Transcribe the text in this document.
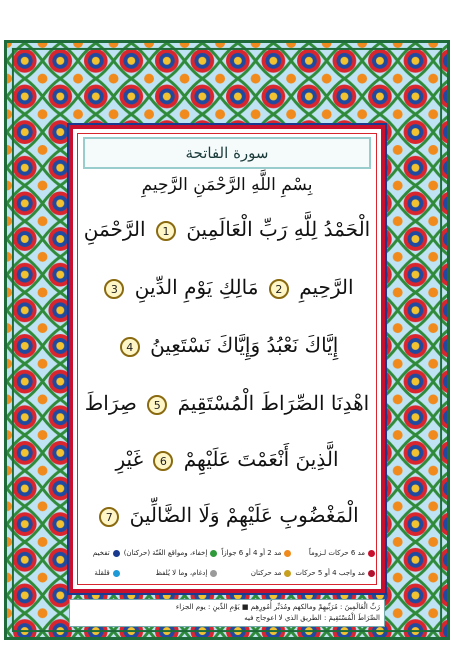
سورة الفاتحة
بِسْمِ اللَّهِ الرَّحْمَنِ الرَّحِيمِ
الْحَمْدُ لِلَّهِ رَبِّ الْعَالَمِينَ 1 الرَّحْمَنِ
الرَّحِيمِ 2 مَالِكِ يَوْمِ الدِّينِ 3
إِيَّاكَ نَعْبُدُ وَإِيَّاكَ نَسْتَعِينُ 4
اهْدِنَا الصِّرَاطَ الْمُسْتَقِيمَ 5 صِرَاطَ
الَّذِينَ أَنْعَمْتَ عَلَيْهِمْ 6 غَيْرِ
الْمَغْضُوبِ عَلَيْهِمْ وَلَا الضَّالِّينَ 7
مد 6 حركات لـزوماً
مد 2 أو 4 أو 6 جوازاً
إخفاء، ومواقع الغُنّة (حركتان)
تفخيم
مد واجب 4 أو 5 حركات
مد حركتان
إدغام، وما لا يُلفظ
قلقلة
رَبِّ الْعَالَمِينَ : مُرَبِّيهِمْ ومالكهم ومُدَبِّر أُمُورِهِم ■ يَوْمِ الدِّينِ : يوم الجزاء
الصِّرَاطَ الْمُسْتَقِيمَ : الطريق الذي لا اعوجاج فيه
